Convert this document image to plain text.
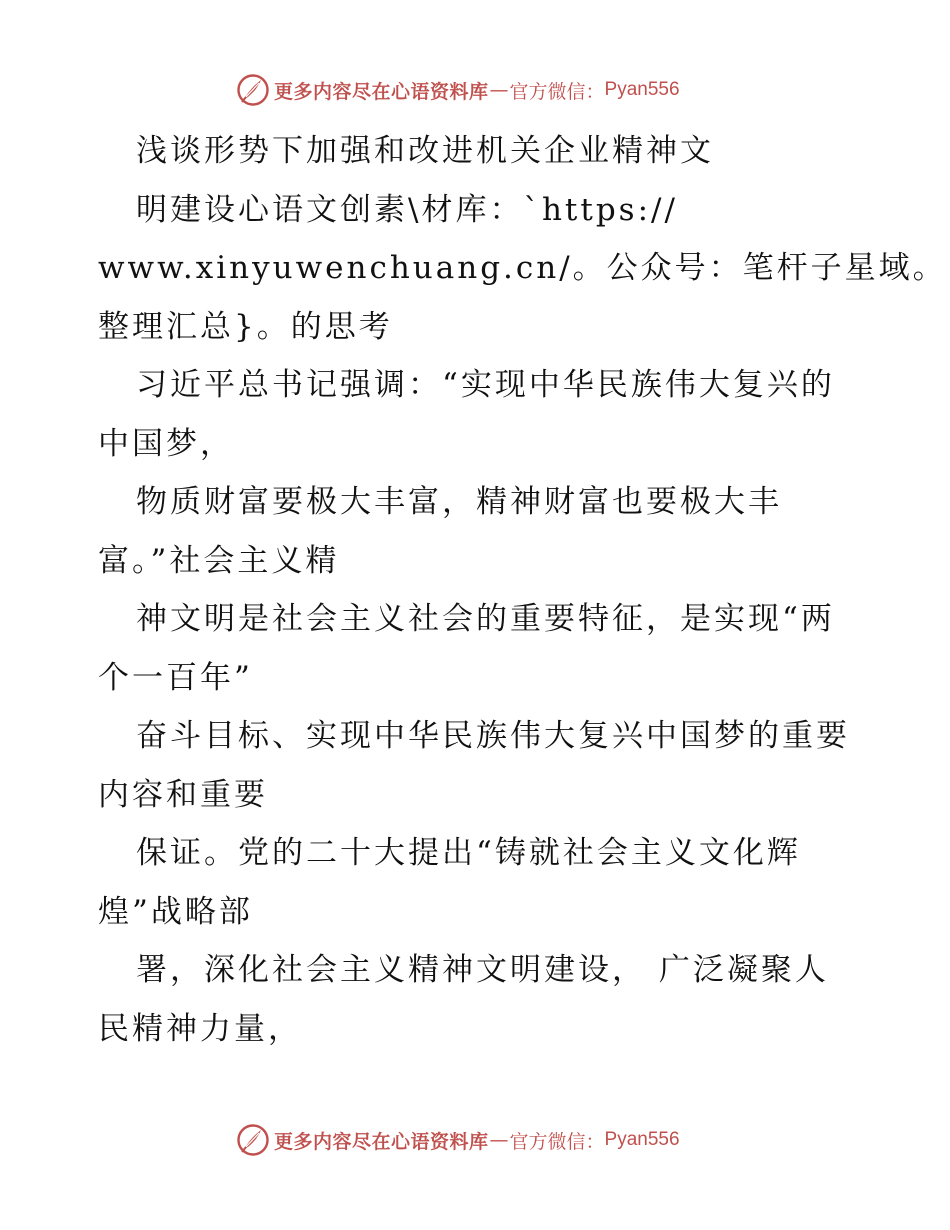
更多内容尽在心语资料库 — 官方微信： Pyan556
浅谈形势下加强和改进机关企业精神文
明建设心语文创素\材库：`https://
www.xinyuwenchuang.cn/。公众号：笔杆子星域。
整理汇总}。的思考
习近平总书记强调：“实现中华民族伟大复兴的
中国梦，
物质财富要极大丰富，精神财富也要极大丰
富。”社会主义精
神文明是社会主义社会的重要特征，是实现“两
个一百年”
奋斗目标、实现中华民族伟大复兴中国梦的重要
内容和重要
保证。党的二十大提出“铸就社会主义文化辉
煌”战略部
署，深化社会主义精神文明建设， 广泛凝聚人
民精神力量，
更多内容尽在心语资料库 — 官方微信： Pyan556
